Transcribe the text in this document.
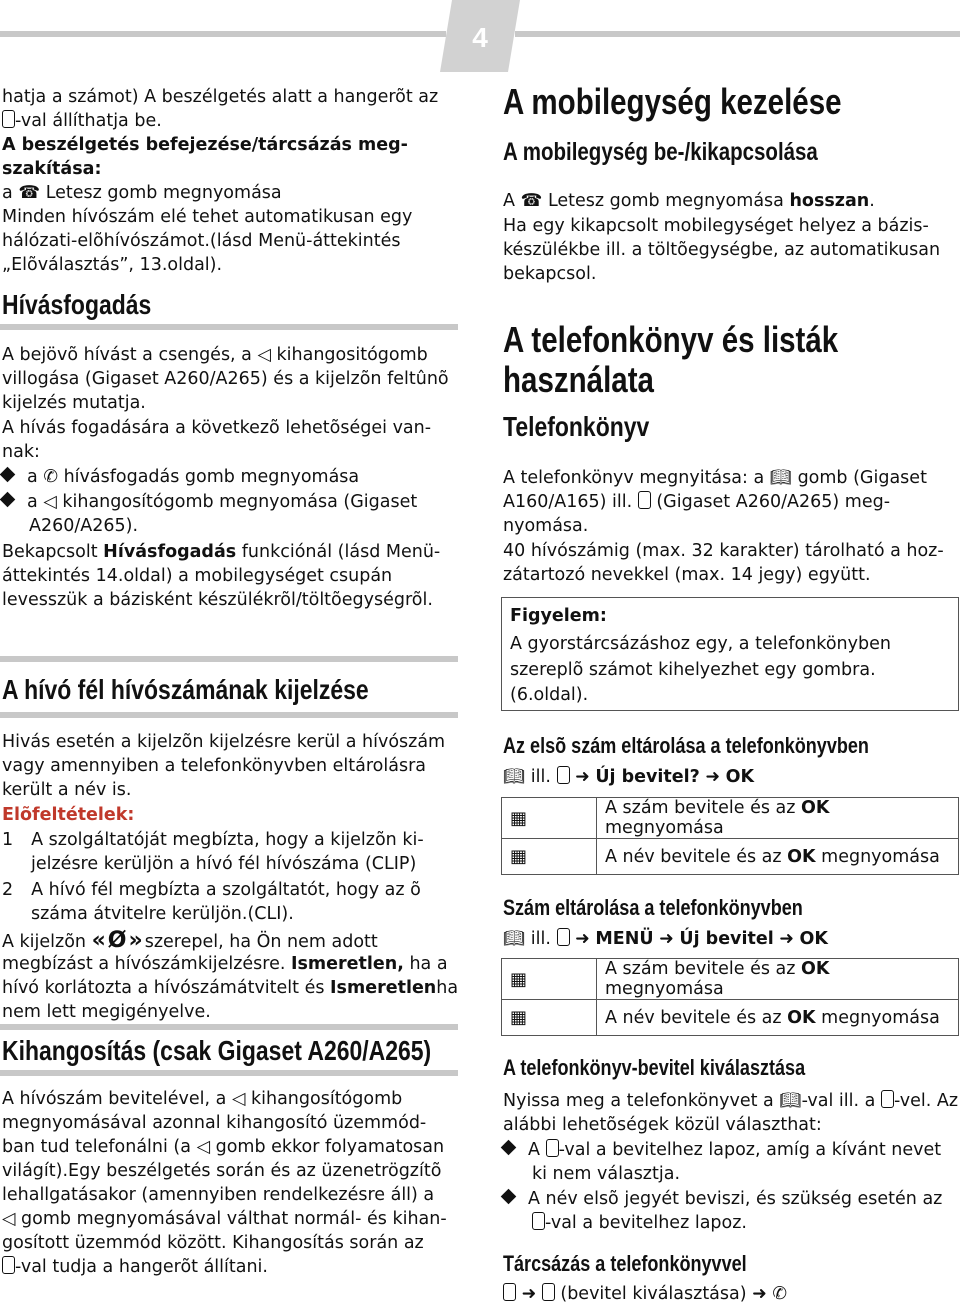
4
hatja a számot) A beszélgetés alatt a hangerõt az
-val állíthatja be.
A beszélgetés befejezése/tárcsázás meg-
szakítása:
a ☎ Letesz gomb megnyomása
Minden hívószám elé tehet automatikusan egy
hálózati-elõhívószámot.(lásd Menü-áttekintés
„Elõválasztás”, 13.oldal).
Hívásfogadás
A bejövõ hívást a csengés, a ◁ kihangositógomb
villogása (Gigaset A260/A265) és a kijelzõn feltûnõ
kijelzés mutatja.
A hívás fogadására a következõ lehetõségei van-
nak:
a ✆ hívásfogadás gomb megnyomása
a ◁ kihangosítógomb megnyomása (Gigaset
A260/A265).
Bekapcsolt Hívásfogadás funkciónál (lásd Menü-
áttekintés 14.oldal) a mobilegységet csupán
levesszük a bázisként készülékrõl/töltõegységrõl.
A hívó fél hívószámának kijelzése
Hivás esetén a kijelzõn kijelzésre kerül a hívószám
vagy amennyiben a telefonkönyvben eltárolásra
került a név is.
Elõfeltételek:
1 A szolgáltatóját megbízta, hogy a kijelzõn ki-
jelzésre kerüljön a hívó fél hívószáma (CLIP)
2 A hívó fél megbízta a szolgáltatót, hogy az õ
száma átvitelre kerüljön.(CLI).
A kijelzõn «Ø»szerepel, ha Ön nem adott
megbízást a hívószámkijelzésre. Ismeretlen, ha a
hívó korlátozta a hívószámátvitelt és Ismeretlenha
nem lett megigényelve.
Kihangosítás (csak Gigaset A260/A265)
A hívószám bevitelével, a ◁ kihangosítógomb
megnyomásával azonnal kihangosító üzemmód-
ban tud telefonálni (a ◁ gomb ekkor folyamatosan
világít).Egy beszélgetés során és az üzenetrögzítõ
lehallgatásakor (amennyiben rendelkezésre áll) a
◁ gomb megnyomásával válthat normál- és kihan-
gosított üzemmód között. Kihangosítás során az
-val tudja a hangerõt állítani.
A mobilegység kezelése
A mobilegység be-/kikapcsolása
A ☎ Letesz gomb megnyomása hosszan.
Ha egy kikapcsolt mobilegységet helyez a bázis-
készülékbe ill. a töltõegységbe, az automatikusan
bekapcsol.
A telefonkönyv és listák
használata
Telefonkönyv
A telefonkönyv megnyitása: a 📖︎ gomb (Gigaset
A160/A165) ill. (Gigaset A260/A265) meg-
nyomása.
40 hívószámig (max. 32 karakter) tárolható a hoz-
zátartozó nevekkel (max. 14 jegy) együtt.
Figyelem:
A gyorstárcsázáshoz egy, a telefonkönyben
szereplõ számot kihelyezhet egy gombra.
(6.oldal).
Az elsõ szám eltárolása a telefonkönyvben
📖︎ ill.  ➜ Új bevitel? ➜ OK
▦	A szám bevitele és az OK megnyomása
▦	A név bevitele és az OK megnyomása
Szám eltárolása a telefonkönyvben
📖︎ ill.  ➜ MENÜ ➜ Új bevitel ➜ OK
▦	A szám bevitele és az OK megnyomása
▦	A név bevitele és az OK megnyomása
A telefonkönyv-bevitel kiválasztása
Nyissa meg a telefonkönyvet a 📖︎-val ill. a -vel. Az
alábbi lehetõségek közül választhat:
A -val a bevitelhez lapoz, amíg a kívánt nevet
ki nem választja.
A név elsõ jegyét beviszi, és szükség esetén az
-val a bevitelhez lapoz.
Tárcsázás a telefonkönyvvel
➜  (bevitel kiválasztása) ➜ ✆
